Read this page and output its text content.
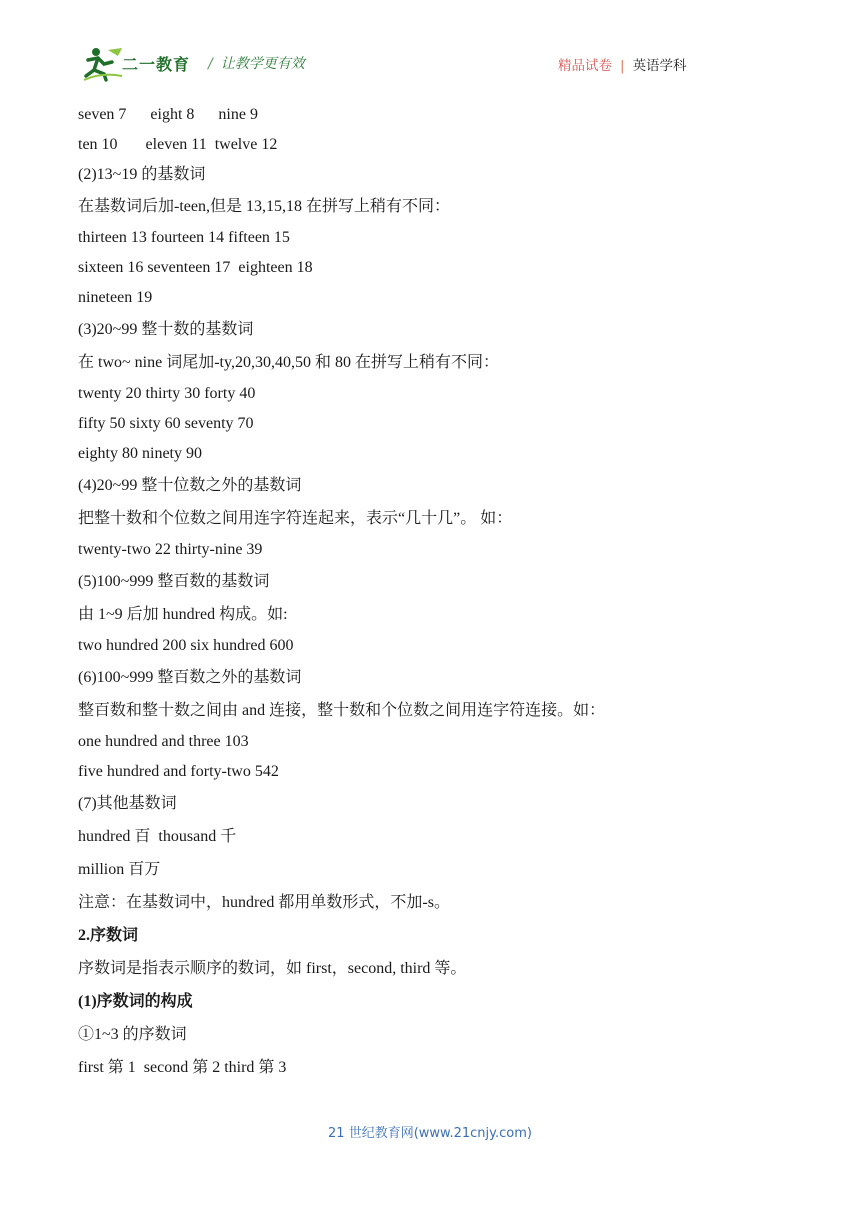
二一教育 / 让教学更有效	精品试卷 | 英语学科
seven 7      eight 8      nine 9
ten 10       eleven 11  twelve 12
(2)13~19 的基数词
在基数词后加-teen,但是 13,15,18 在拼写上稍有不同：
thirteen 13 fourteen 14 fifteen 15
sixteen 16 seventeen 17  eighteen 18
nineteen 19
(3)20~99 整十数的基数词
在 two~ nine 词尾加-ty,20,30,40,50 和 80 在拼写上稍有不同：
twenty 20 thirty 30 forty 40
fifty 50 sixty 60 seventy 70
eighty 80 ninety 90
(4)20~99 整十位数之外的基数词
把整十数和个位数之间用连字符连起来，表示“几十几”。 如：
twenty-two 22 thirty-nine 39
(5)100~999 整百数的基数词
由 1~9 后加 hundred 构成。如:
two hundred 200 six hundred 600
(6)100~999 整百数之外的基数词
整百数和整十数之间由 and 连接，整十数和个位数之间用连字符连接。如：
one hundred and three 103
five hundred and forty-two 542
(7)其他基数词
hundred 百  thousand 千
million 百万
注意：在基数词中，hundred 都用单数形式，不加-s。
2.序数词
序数词是指表示顺序的数词，如 first，second, third 等。
(1)序数词的构成
①1~3 的序数词
first 第 1  second 第 2 third 第 3
21 世纪教育网(www.21cnjy.com)
